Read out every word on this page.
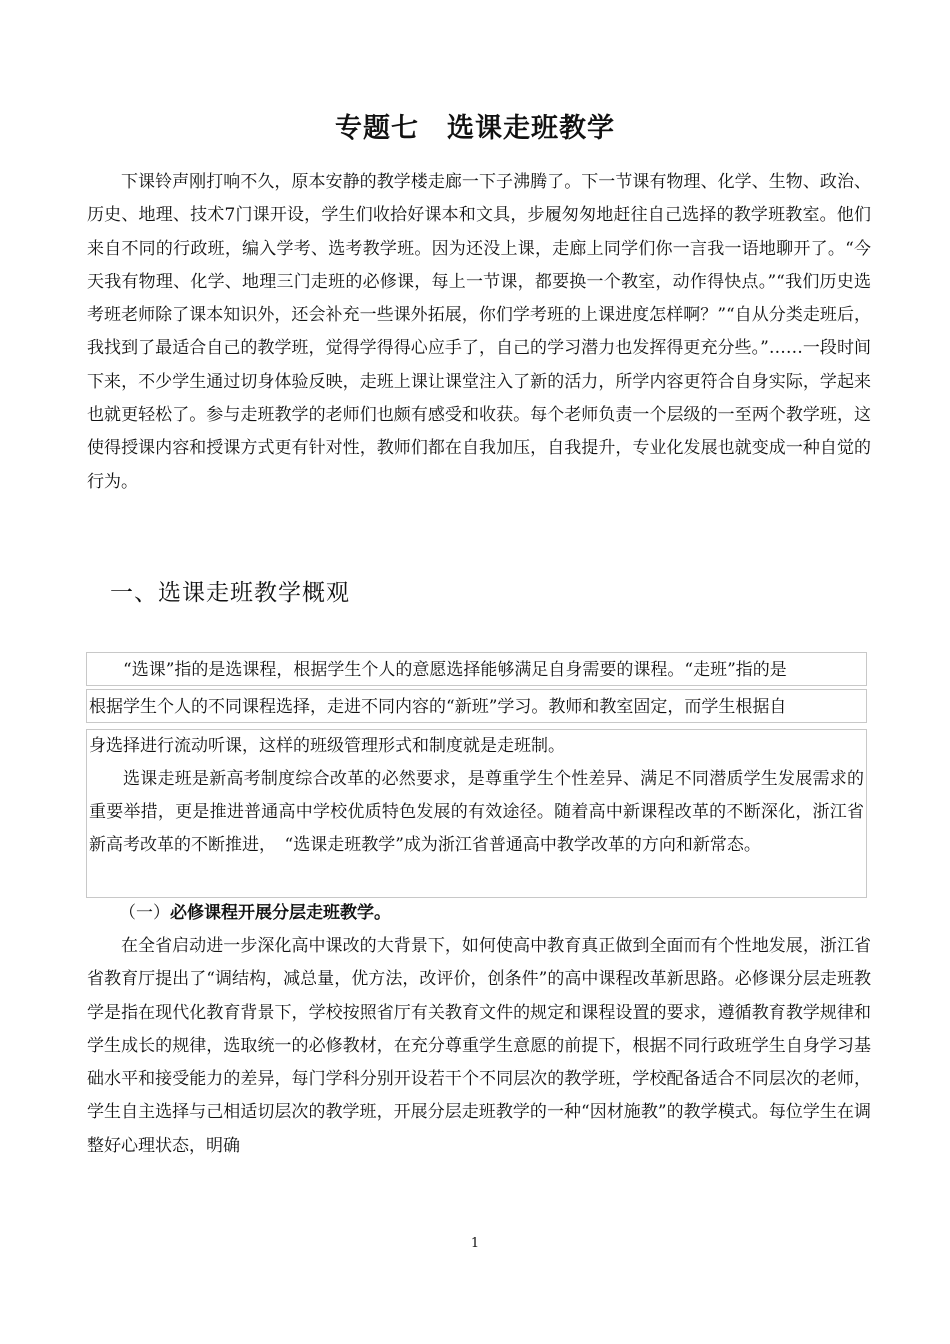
专题七　选课走班教学

下课铃声刚打响不久，原本安静的教学楼走廊一下子沸腾了。下一节课有物理、化学、生物、政治、历史、地理、技术7门课开设，学生们收拾好课本和文具，步履匆匆地赶往自己选择的教学班教室。他们来自不同的行政班，编入学考、选考教学班。因为还没上课，走廊上同学们你一言我一语地聊开了。“今天我有物理、化学、地理三门走班的必修课，每上一节课，都要换一个教室，动作得快点。”“我们历史选考班老师除了课本知识外，还会补充一些课外拓展，你们学考班的上课进度怎样啊？”“自从分类走班后，我找到了最适合自己的教学班，觉得学得得心应手了，自己的学习潜力也发挥得更充分些。”……一段时间下来，不少学生通过切身体验反映，走班上课让课堂注入了新的活力，所学内容更符合自身实际，学起来也就更轻松了。参与走班教学的老师们也颇有感受和收获。每个老师负责一个层级的一至两个教学班，这使得授课内容和授课方式更有针对性，教师们都在自我加压，自我提升，专业化发展也就变成一种自觉的行为。

一、选课走班教学概观
“选课”指的是选课程，根据学生个人的意愿选择能够满足自身需要的课程。“走班”指的是
根据学生个人的不同课程选择，走进不同内容的“新班”学习。教师和教室固定，而学生根据自

身选择进行流动听课，这样的班级管理形式和制度就是走班制。

选课走班是新高考制度综合改革的必然要求，是尊重学生个性差异、满足不同潜质学生发展需求的重要举措，更是推进普通高中学校优质特色发展的有效途径。随着高中新课程改革的不断深化，浙江省新高考改革的不断推进，　“选课走班教学”成为浙江省普通高中教学改革的方向和新常态。

（一）必修课程开展分层走班教学。

在全省启动进一步深化高中课改的大背景下，如何使高中教育真正做到全面而有个性地发展，浙江省省教育厅提出了“调结构，减总量，优方法，改评价，创条件”的高中课程改革新思路。必修课分层走班教学是指在现代化教育背景下，学校按照省厅有关教育文件的规定和课程设置的要求，遵循教育教学规律和学生成长的规律，选取统一的必修教材，在充分尊重学生意愿的前提下，根据不同行政班学生自身学习基础水平和接受能力的差异，每门学科分别开设若干个不同层次的教学班，学校配备适合不同层次的老师，学生自主选择与己相适切层次的教学班，开展分层走班教学的一种“因材施教”的教学模式。每位学生在调整好心理状态，明确

1
